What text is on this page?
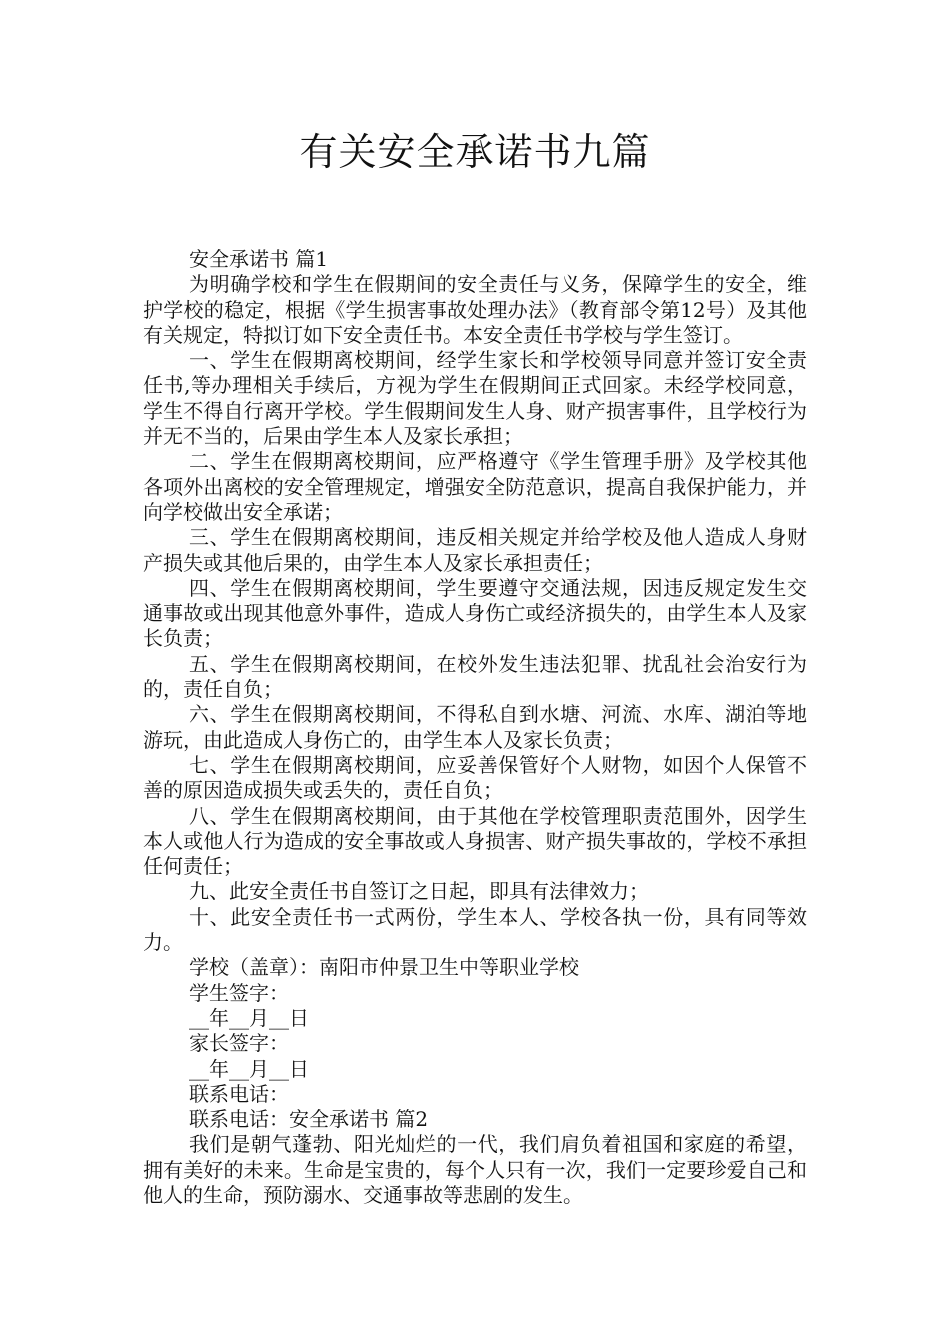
有关安全承诺书九篇

安全承诺书 篇1

为明确学校和学生在假期间的安全责任与义务，保障学生的安全，维护学校的稳定，根据《学生损害事故处理办法》（教育部令第12号）及其他有关规定，特拟订如下安全责任书。本安全责任书学校与学生签订。

一、学生在假期离校期间，经学生家长和学校领导同意并签订安全责任书,等办理相关手续后，方视为学生在假期间正式回家。未经学校同意，学生不得自行离开学校。学生假期间发生人身、财产损害事件，且学校行为并无不当的，后果由学生本人及家长承担；

二、学生在假期离校期间，应严格遵守《学生管理手册》及学校其他各项外出离校的安全管理规定，增强安全防范意识，提高自我保护能力，并向学校做出安全承诺；

三、学生在假期离校期间，违反相关规定并给学校及他人造成人身财产损失或其他后果的，由学生本人及家长承担责任；

四、学生在假期离校期间，学生要遵守交通法规，因违反规定发生交通事故或出现其他意外事件，造成人身伤亡或经济损失的，由学生本人及家长负责；

五、学生在假期离校期间，在校外发生违法犯罪、扰乱社会治安行为的，责任自负；

六、学生在假期离校期间，不得私自到水塘、河流、水库、湖泊等地游玩，由此造成人身伤亡的，由学生本人及家长负责；

七、学生在假期离校期间，应妥善保管好个人财物，如因个人保管不善的原因造成损失或丢失的，责任自负；

八、学生在假期离校期间，由于其他在学校管理职责范围外，因学生本人或他人行为造成的安全事故或人身损害、财产损失事故的，学校不承担任何责任；

九、此安全责任书自签订之日起，即具有法律效力；

十、此安全责任书一式两份，学生本人、学校各执一份，具有同等效力。

学校（盖章）：南阳市仲景卫生中等职业学校

学生签字：

__年__月__日

家长签字：

__年__月__日

联系电话：

联系电话：安全承诺书 篇2

我们是朝气蓬勃、阳光灿烂的一代，我们肩负着祖国和家庭的希望，拥有美好的未来。生命是宝贵的，每个人只有一次，我们一定要珍爱自己和他人的生命，预防溺水、交通事故等悲剧的发生。
